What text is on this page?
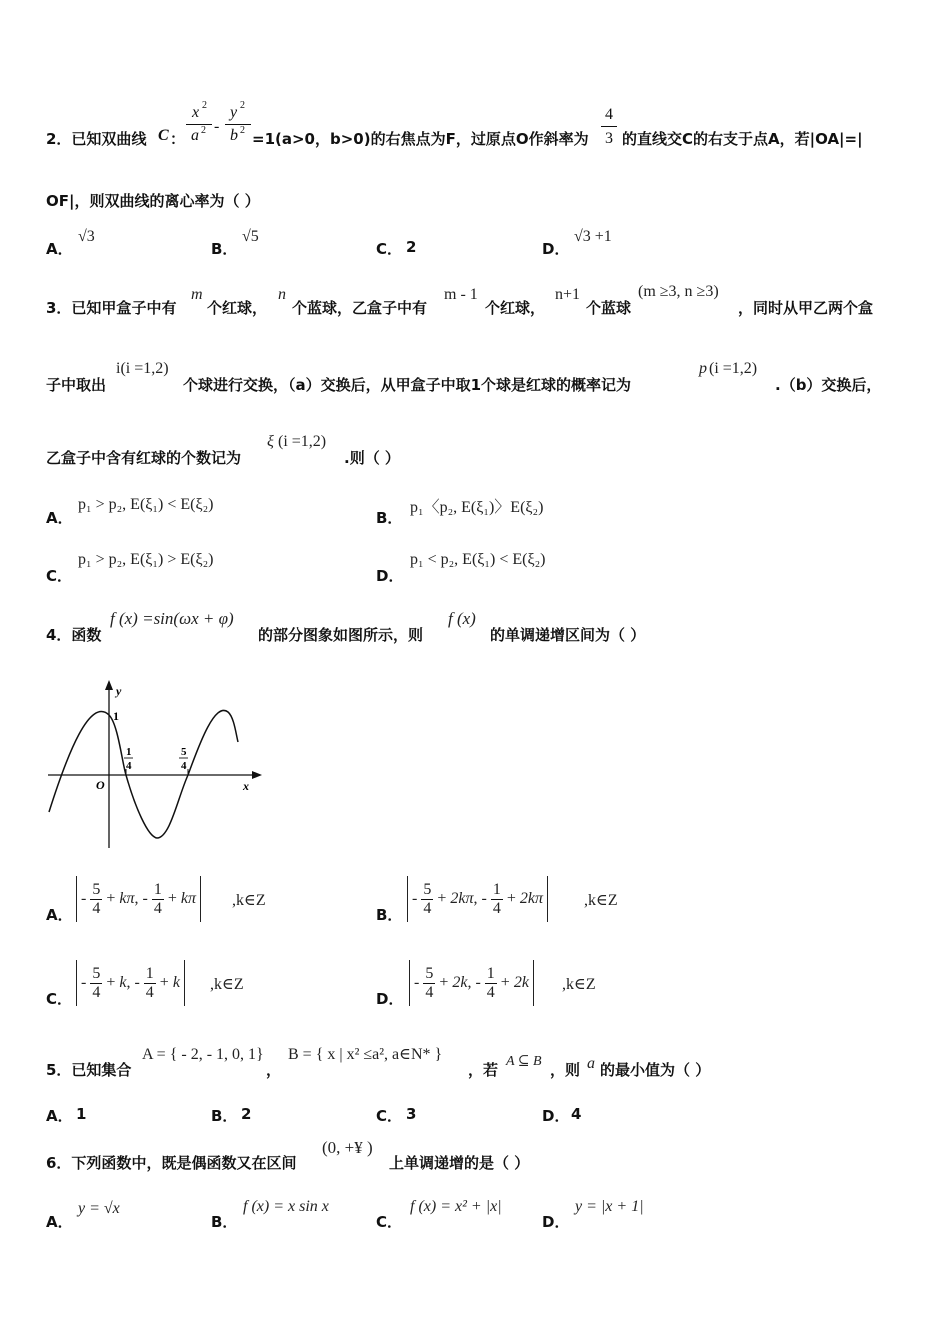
2．已知双曲线 C ：
x 2
a 2 -
y 2
b 2 =1(a>0，b>0)的右焦点为F，过原点O作斜率为 $\frac{4}{3}$ 的直线交C的右支于点A，若|OA|=|
OF|，则双曲线的离心率为（ ）
A．
√3
B．
√5
C． 2	D．
√3 +1
3．已知甲盒子中有
m
个红球，
n
个蓝球，乙盒子中有
m - 1
个红球，
n+1
个蓝球
(m ≥3, n ≥3)
，同时从甲乙两个盒
子中取出
i(i =1,2)
个球进行交换，（a）交换后，从甲盒子中取1个球是红球的概率记为
p (i =1,2)
.（b）交换后，
乙盒子中含有红球的个数记为
ξ (i =1,2)
.则（ ）
A．
p₁ > p₂, E(ξ₁) < E(ξ₂)
B．
p₁〈p₂, E(ξ₁)〉E(ξ₂)
C．
p₁ > p₂, E(ξ₁) > E(ξ₂)
D．
p₁ < p₂, E(ξ₁) < E(ξ₂)
4．函数
f (x) =sin(ωx + φ)
的部分图象如图所示，则
f (x)
的单调递增区间为（ ）
y
x
O
1
1
4
5
4
A．
- $\frac{5}{4} + k\pi$ , - $\frac{1}{4} + k\pi$ ,k∈Z
B．
- $\frac{5}{4} + 2k\pi$ , - $\frac{1}{4} + 2k\pi$	,k∈Z
C．
- $\frac{5}{4} + k$ , - $\frac{1}{4} + k$ ,k∈Z
D．
- $\frac{5}{4} + 2k$ , - $\frac{1}{4} + 2k$ ,k∈Z
5．已知集合
A = { - 2, - 1, 0, 1}
，
B = { x | x² ≤a², a∈N* }
，若 A ⊆ B ，则 a 的最小值为（ ）
A． 1	B． 2	C． 3	D． 4
6．下列函数中，既是偶函数又在区间
(0, +¥ )
上单调递增的是（ ）
A．
y = √x
B．
f (x) = x sin x
C．
f (x) = x² + |x|
D．
y = |x + 1|
